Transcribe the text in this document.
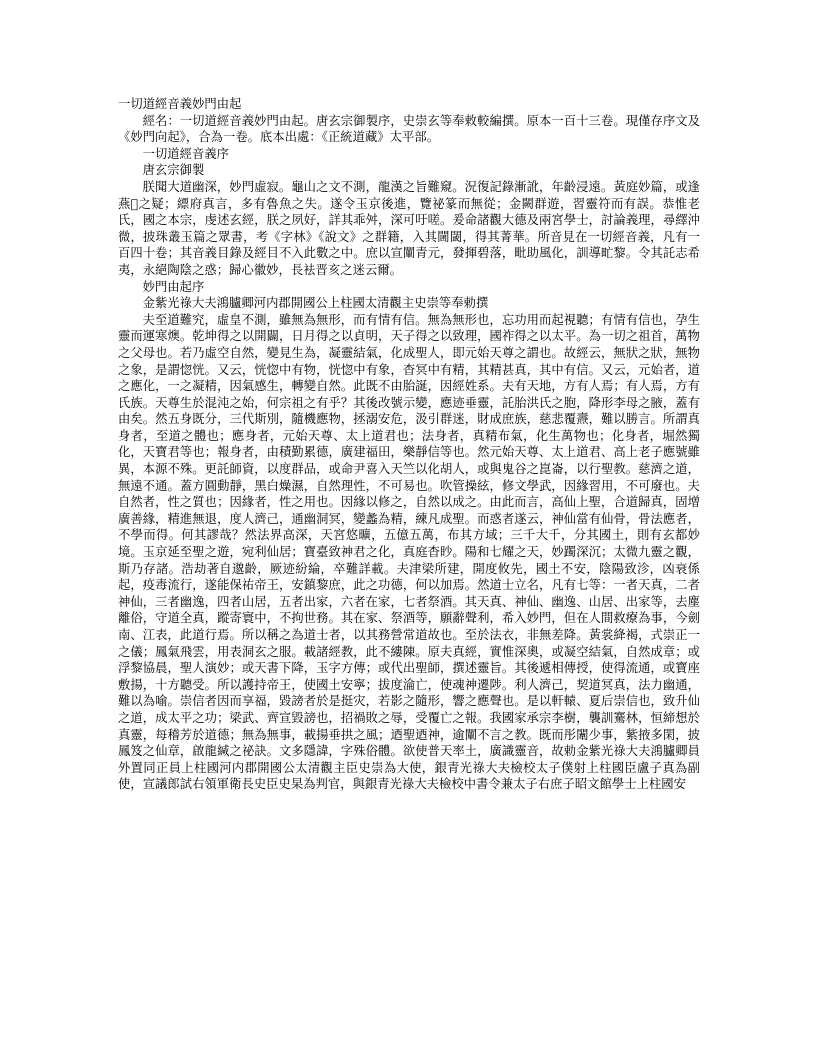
一切道經音義妙門由起

經名：一切道經音義妙門由起。唐玄宗御製序，史崇玄等奉敕較編撰。原本一百十三卷。現僅存序文及《妙門向起》，合為一卷。底本出處：《正統道藏》太平部。

一切道經音義序

唐玄宗御製

朕聞大道幽深，妙門虛寂。龜山之文不測，龍漢之旨難窺。況復記錄漸訛，年齡浸遠。黃庭妙篇，或逢燕𧶼之疑；縹府真言，多有魯魚之失。遂令玉京後進，覽祕篆而無從；金闕群遊，習靈符而有誤。恭惟老氏，國之本宗，虔述玄經，朕之夙好，詳其乖舛，深可吁嗟。爰命諸觀大德及兩宮學士，討論義理，尋繹沖微，披珠叢玉篇之眾書，考《字林》《說文》之群籍，入其閫閾，得其菁華。所音見在一切經音義，凡有一百四十卷；其音義目錄及經目不入此數之中。庶以宣闡青元，發揮碧落，毗助風化，訓導甿黎。令其託志希夷，永絕陶陰之惑；歸心徽妙，長袪晋亥之迷云爾。

妙門由起序

金紫光祿大夫鴻臚卿河内郡開國公上柱國太清觀主史崇等奉勅撰

夫至道難究，虛皇不測，雖無為無形，而有情有信。無為無形也，忘功用而起視聽；有情有信也，孕生靈而運寒燠。乾坤得之以開闢，日月得之以貞明，天子得之以致理，國祚得之以太平。為一切之祖首，萬物之父母也。若乃虛空自然，變見生為，凝靈結氣，化成聖人，即元始天尊之謂也。故經云，無狀之狀，無物之象，是謂惚恍。又云，恍惚中有物，恍惚中有象，杳冥中有精，其精甚真，其中有信。又云，元始者，道之應化，一之凝精，因氣感生，轉變自然。此既不由胎誕，因經姓系。夫有天地，方有人焉；有人焉，方有氏族。天尊生於混沌之始，何宗祖之有乎？其後改號示變，應迹垂靈，託胎洪氏之胞，降形李母之腋，蓋有由矣。然五身既分，三代斯別，隨機應物，拯溺安危，汲引群迷，財成庶族，慈悲覆燾，難以勝言。所謂真身者，至道之體也；應身者，元始天尊、太上道君也；法身者，真精布氣，化生萬物也；化身者，堀然獨化，天寶君等也；報身者，由積勤累德，廣建福田，樂靜信等也。然元始天尊、太上道君、高上老子應號雖異，本源不殊。更託師資，以度群品，或命尹喜入天竺以化胡人，或與鬼谷之崑崙，以行聖教。慈濟之道，無遠不通。蓋方圓動靜，黑白燥濕，自然理性，不可易也。吹管操絃，修文學武，因緣習用，不可廢也。夫自然者，性之質也；因緣者，性之用也。因緣以修之，自然以成之。由此而言，高仙上聖，合道歸真，固增廣善緣，精進無退，度人濟己，通幽洞冥，變蠡為精，練凡成聖。而惑者遂云，神仙當有仙骨，骨法應者，不學而得。何其謬哉？然法界高深，天宮悠曠，五億五萬，布其方域；三千大千，分其國土，則有玄都妙境。玉京延至聖之遊，宛利仙居；寶臺致神君之化，真庭杳眇。陽和七耀之天，妙躅深沉；太微九靈之觀，斯乃存諸。浩劫著自邈齡，厥迹紛綸，卒難詳載。夫津梁所建，開度攸先，國土不安，陰陽致沴，凶衰係起，疫毒流行，遂能保祐帝王，安鎮黎庶，此之功德，何以加焉。然道士立名，凡有七等：一者天真，二者神仙，三者幽逸，四者山居，五者出家，六者在家，七者祭酒。其天真、神仙、幽逸、山居、出家等，去塵離俗，守道全真，蹤寄寰中，不拘世務。其在家、祭酒等，願辭聲利，希入妙門，但在人間救療為事，今劍南、江表，此道行焉。所以稱之為道士者，以其務營常道故也。至於法衣，非無差降。黃裳絳褐，式崇正一之儀；鳳氣飛雲，用表洞玄之服。載諸經教，此不縷陳。原夫真經，實惟深奧，或凝空結氣，自然成章；或浮黎協晨，聖人演妙；或天書下降，玉字方傳；或代出聖師，撰述靈旨。其後遞相傳授，使得流通，或寶座敷揚，十方聽受。所以護持帝王，使國土安寧；拔度淪亡，使魂神遷陟。利人濟己，契道冥真，法力幽通，難以為喻。崇信者因而享福，毀謗者於是挺灾，若影之隨形，響之應聲也。是以軒轅、夏后崇信也，致升仙之道，成太平之功；梁武、齊宣毀謗也，招禍敗之辱，受覆亡之報。我國家承宗李樹，襲訓騫林，恒締想於真靈，每稽芳於道德；無為無事，載揚垂拱之風；迺聖迺神，逾闡不言之教。既而彤闈少事，紫掖多閑，披鳳笈之仙章，啟龍緘之祕訣。文多隱諱，字殊俗體。欲使普天率土，廣識靈音，故勅金紫光祿大夫鴻臚卿員外置同正員上柱國河内郡開國公太清觀主臣史崇為大使，銀青光祿大夫檢校太子僕射上柱國臣盧子真為副使，宣議郎試右領軍衛長史臣史杲為判官，與銀青光祿大夫檢校中書令兼太子右庶子昭文館學士上柱國安
